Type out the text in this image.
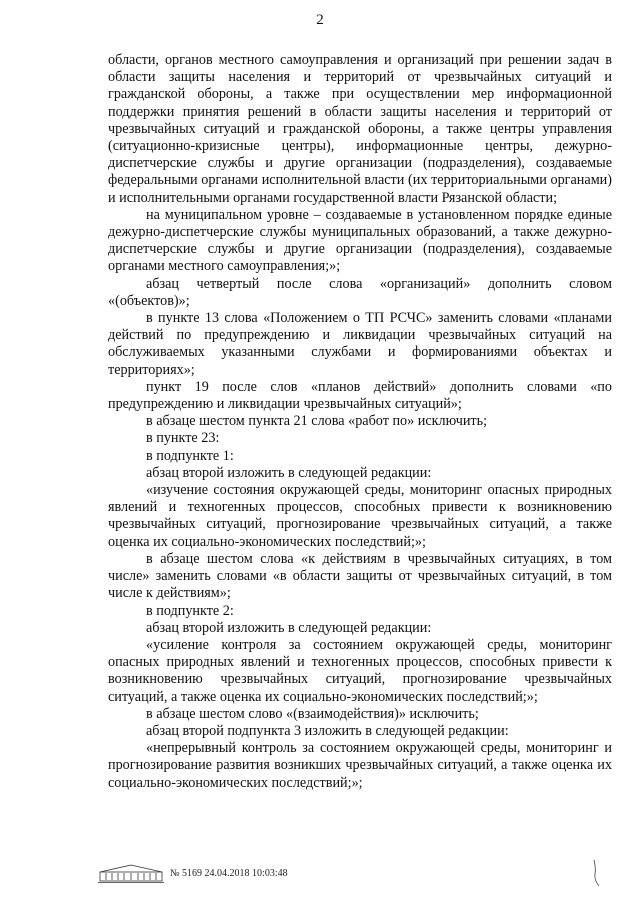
2

области, органов местного самоуправления и организаций при решении задач в области защиты населения и территорий от чрезвычайных ситуаций и гражданской обороны, а также при осуществлении мер информационной поддержки принятия решений в области защиты населения и территорий от чрезвычайных ситуаций и гражданской обороны, а также центры управления (ситуационно-кризисные центры), информационные центры, дежурно-диспетчерские службы и другие организации (подразделения), создаваемые федеральными органами исполнительной власти (их территориальными органами) и исполнительными органами государственной власти Рязанской области;

на муниципальном уровне – создаваемые в установленном порядке единые дежурно-диспетчерские службы муниципальных образований, а также дежурно-диспетчерские службы и другие организации (подразделения), создаваемые органами местного самоуправления;»;

абзац четвертый после слова «организаций» дополнить словом «(объектов)»;

в пункте 13 слова «Положением о ТП РСЧС» заменить словами «планами действий по предупреждению и ликвидации чрезвычайных ситуаций на обслуживаемых указанными службами и формированиями объектах и территориях»;

пункт 19 после слов «планов действий» дополнить словами «по предупреждению и ликвидации чрезвычайных ситуаций»;

в абзаце шестом пункта 21 слова «работ по» исключить;

в пункте 23:

в подпункте 1:

абзац второй изложить в следующей редакции:

«изучение состояния окружающей среды, мониторинг опасных природных явлений и техногенных процессов, способных привести к возникновению чрезвычайных ситуаций, прогнозирование чрезвычайных ситуаций, а также оценка их социально-экономических последствий;»;

в абзаце шестом слова «к действиям в чрезвычайных ситуациях, в том числе» заменить словами «в области защиты от чрезвычайных ситуаций, в том числе к действиям»;

в подпункте 2:

абзац второй изложить в следующей редакции:

«усиление контроля за состоянием окружающей среды, мониторинг опасных природных явлений и техногенных процессов, способных привести к возникновению чрезвычайных ситуаций, прогнозирование чрезвычайных ситуаций, а также оценка их социально-экономических последствий;»;

в абзаце шестом слово «(взаимодействия)» исключить;

абзац второй подпункта 3 изложить в следующей редакции:

«непрерывный контроль за состоянием окружающей среды, мониторинг и прогнозирование развития возникших чрезвычайных ситуаций, а также оценка их социально-экономических последствий;»;

№ 5169 24.04.2018 10:03:48
